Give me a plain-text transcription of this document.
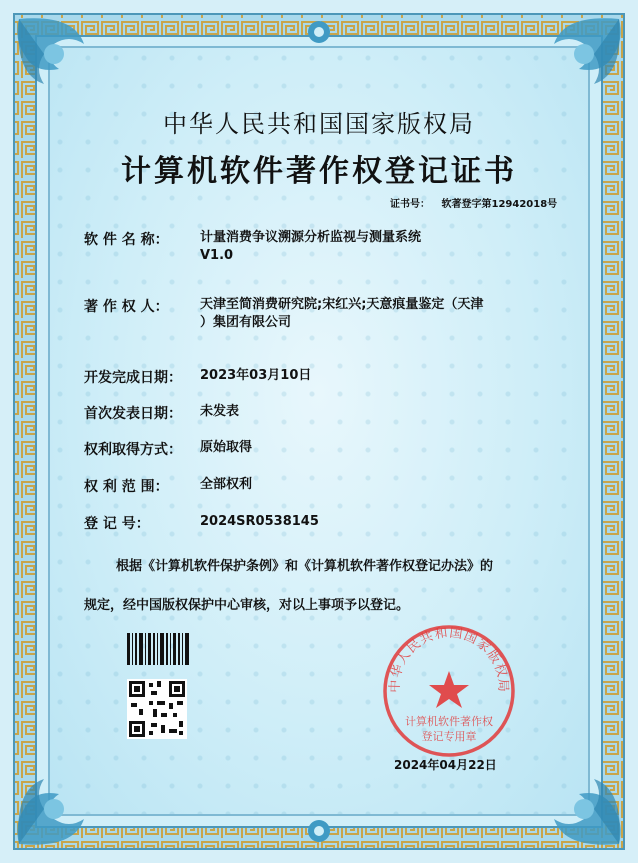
中华人民共和国国家版权局
计算机软件著作权登记证书
证书号： 软著登字第12942018号
软 件 名 称： 计量消费争议溯源分析监视与测量系统
V1.0
著 作 权 人： 天津至简消费研究院;宋红兴;天意痕量鉴定（天津
）集团有限公司
开发完成日期： 2023年03月10日
首次发表日期： 未发表
权利取得方式： 原始取得
权 利 范 围： 全部权利
登 记 号：	2024SR0538145
根据《计算机软件保护条例》和《计算机软件著作权登记办法》的
规定，经中国版权保护中心审核，对以上事项予以登记。
中华人民共和国国家版权局
计算机软件著作权
登记专用章
2024年04月22日
